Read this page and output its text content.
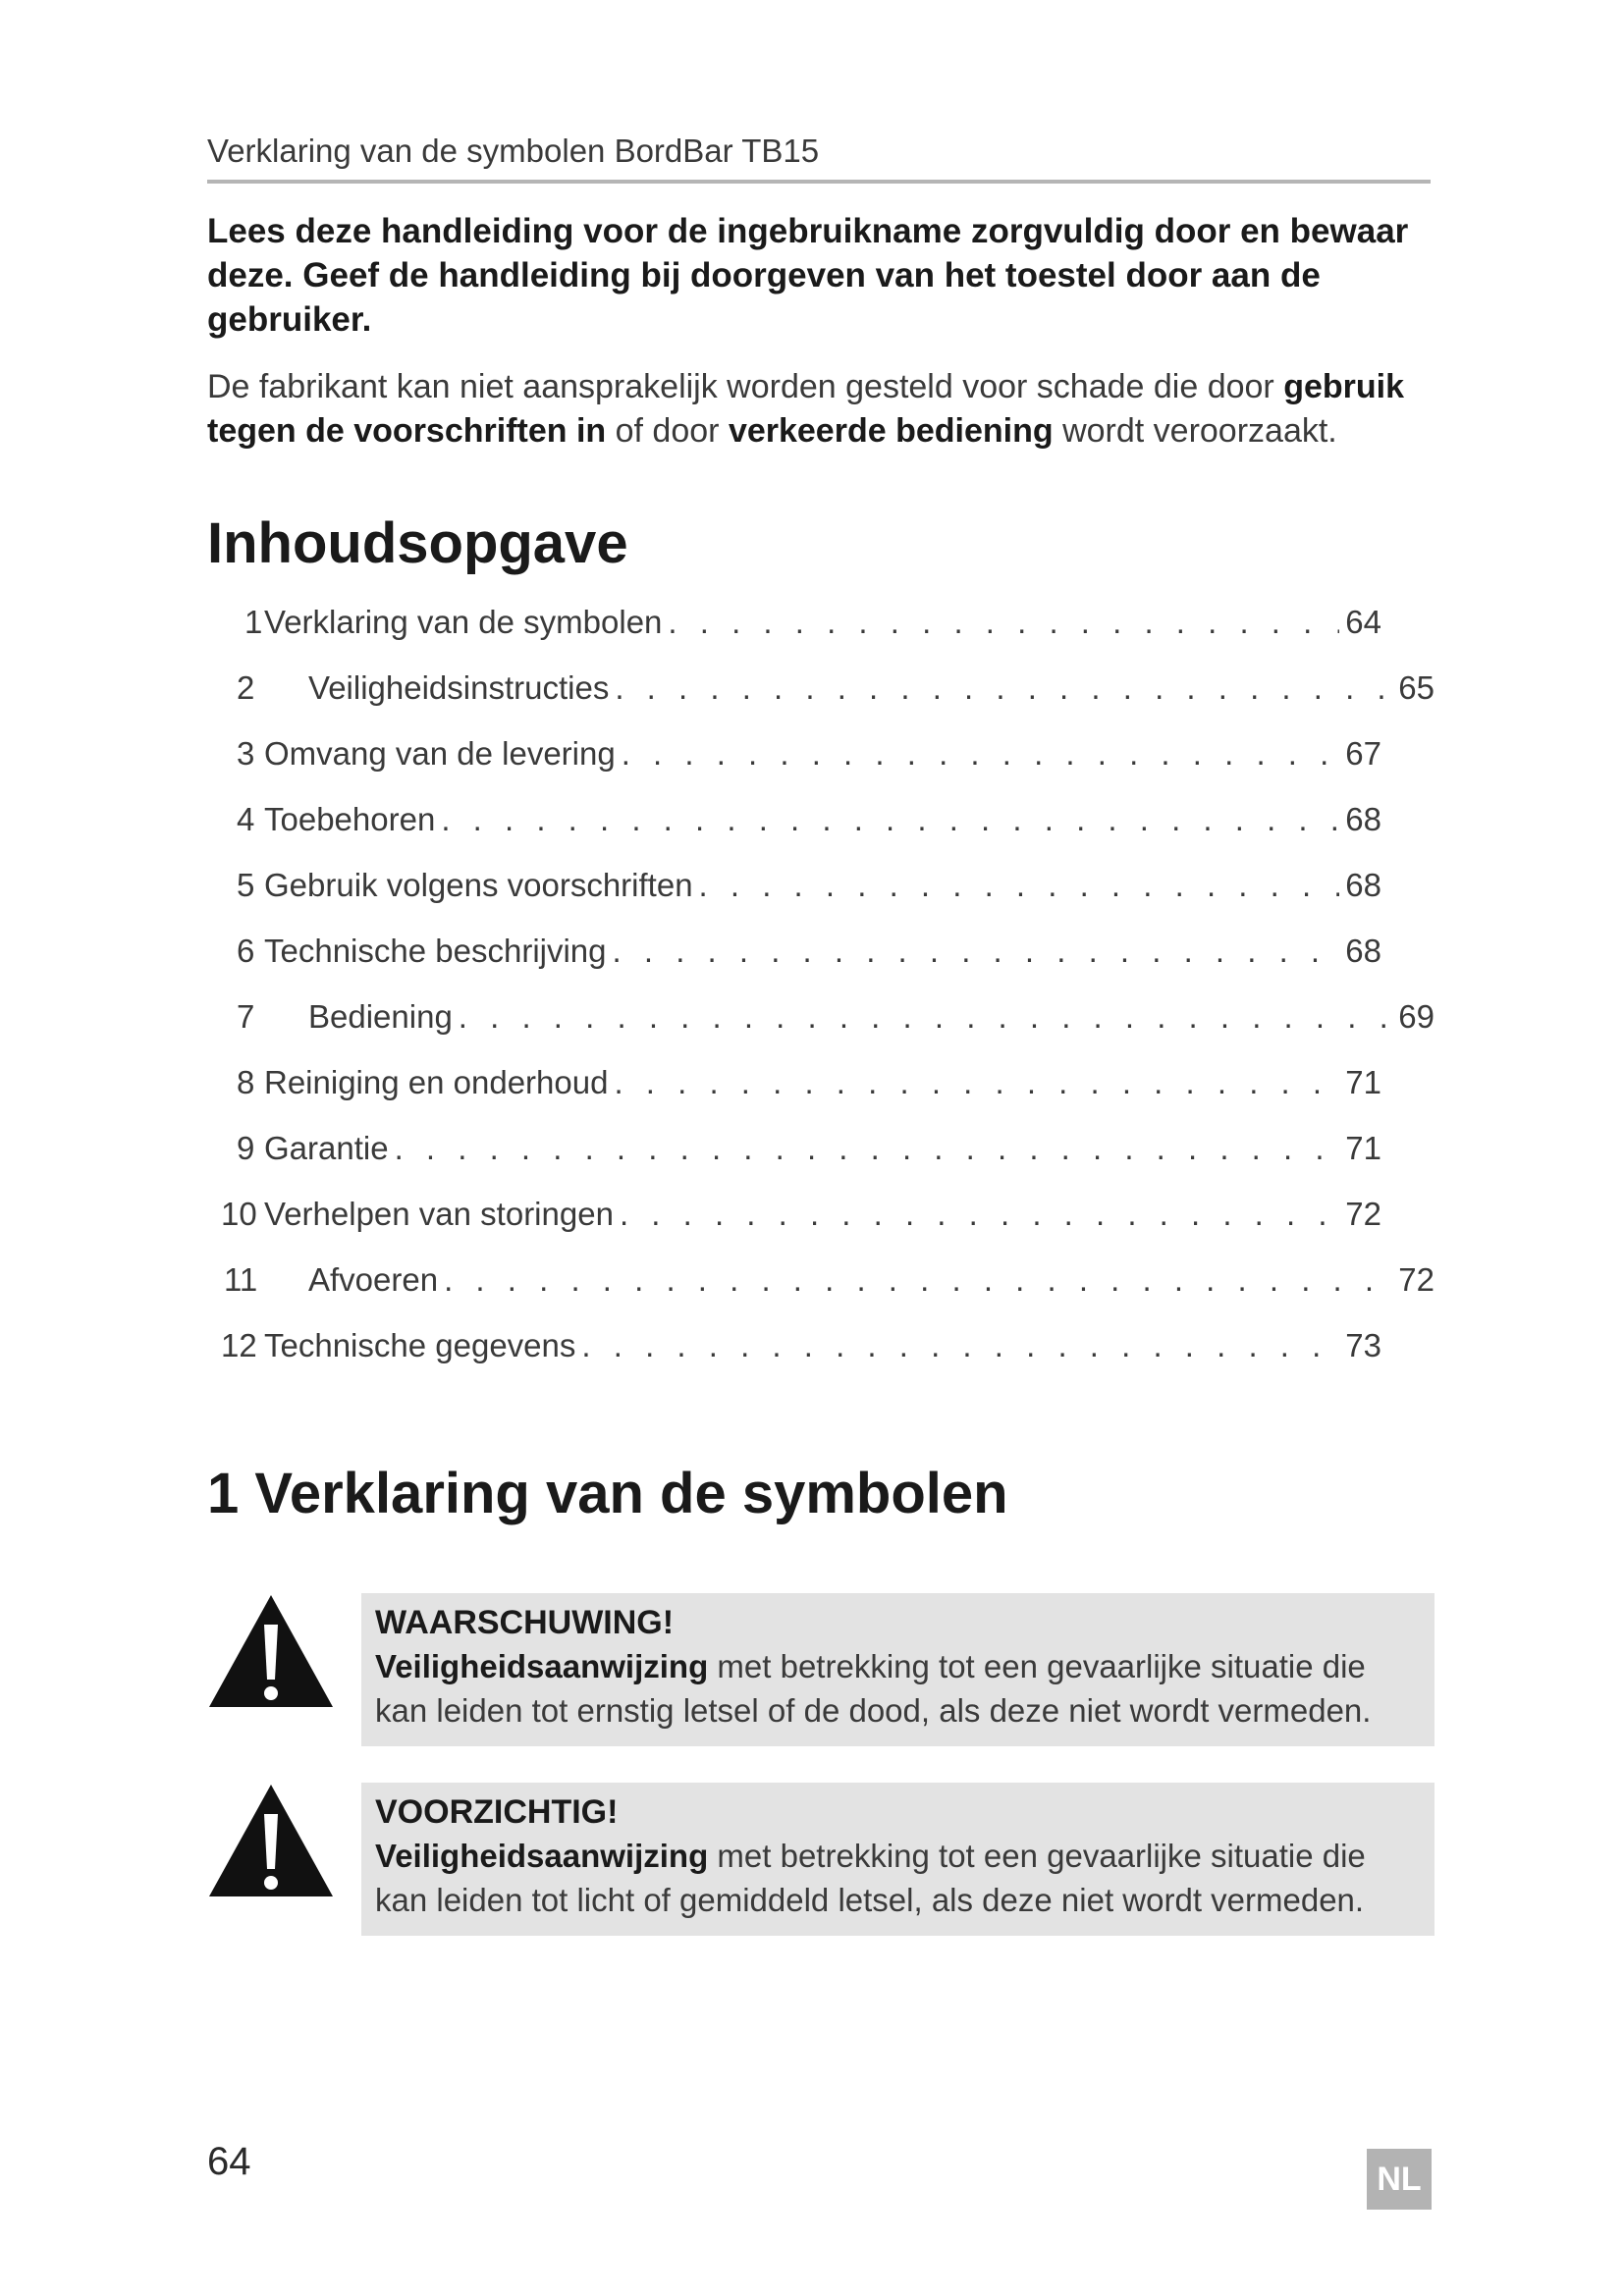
Verklaring van de symbolen BordBar TB15
Lees deze handleiding voor de ingebruikname zorgvuldig door en bewaar deze. Geef de handleiding bij doorgeven van het toestel door aan de gebruiker.
De fabrikant kan niet aansprakelijk worden gesteld voor schade die door gebruik tegen de voorschriften in of door verkeerde bediening wordt veroorzaakt.
Inhoudsopgave
1 Verklaring van de symbolen . . .	64
2	Veiligheidsinstructies . . .	65
3 Omvang van de levering . . .	67
4 Toebehoren . . .	68
5 Gebruik volgens voorschriften . . .	68
6 Technische beschrijving . . .	68
7	Bediening . . .	69
8 Reiniging en onderhoud . . .	71
9 Garantie . . .	71
10 Verhelpen van storingen . . .	72
11	Afvoeren . . .	72
12 Technische gegevens . . .	73
1 Verklaring van de symbolen
WAARSCHUWING!
Veiligheidsaanwijzing met betrekking tot een gevaarlijke situatie die kan leiden tot ernstig letsel of de dood, als deze niet wordt vermeden.
VOORZICHTIG!
Veiligheidsaanwijzing met betrekking tot een gevaarlijke situatie die kan leiden tot licht of gemiddeld letsel, als deze niet wordt vermeden.
64	NL
